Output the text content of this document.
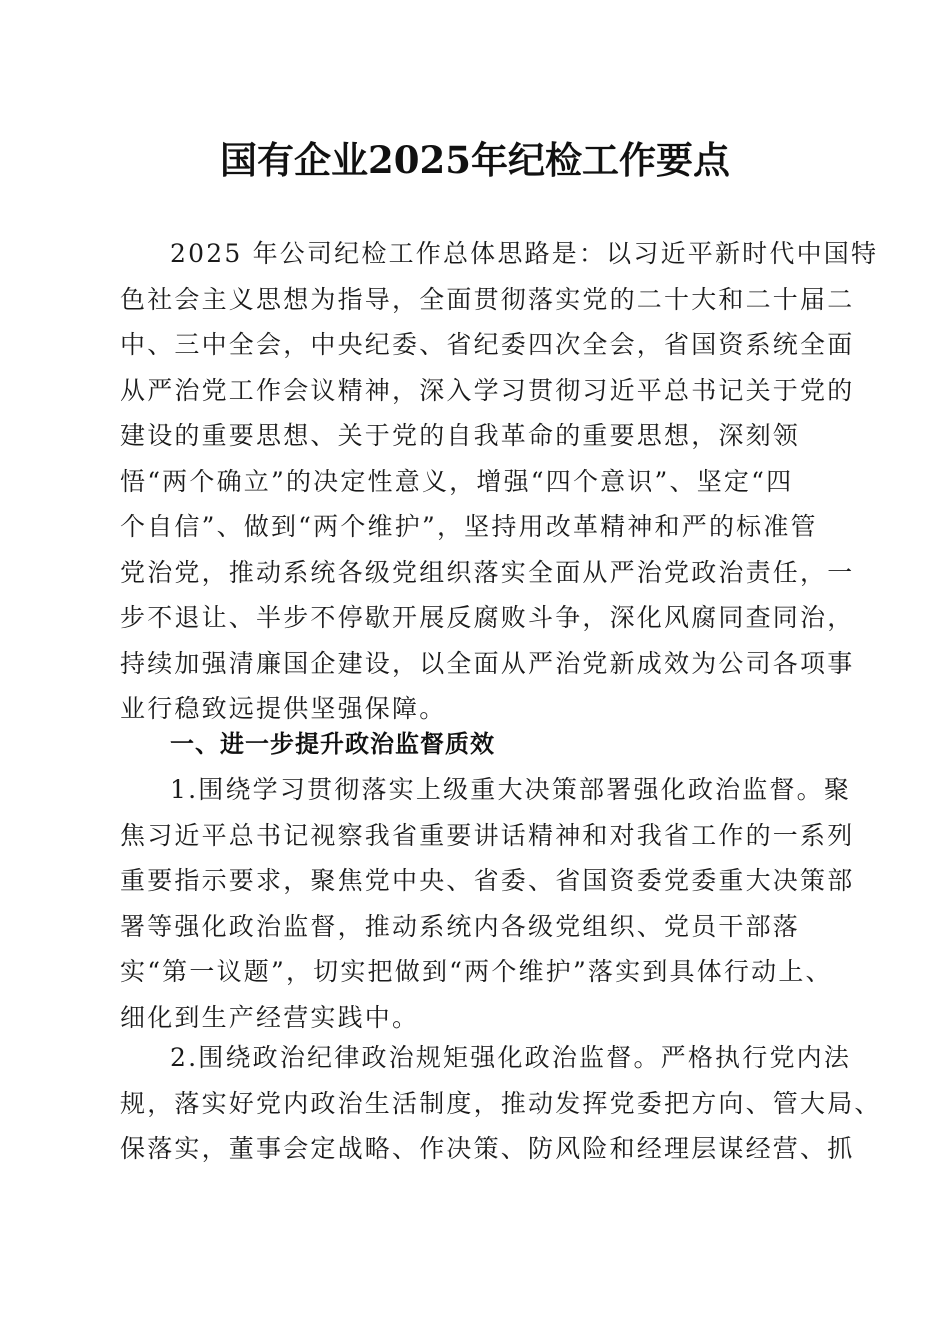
国有企业2025年纪检工作要点
2025 年公司纪检工作总体思路是：以习近平新时代中国特
色社会主义思想为指导，全面贯彻落实党的二十大和二十届二
中、三中全会，中央纪委、省纪委四次全会，省国资系统全面
从严治党工作会议精神，深入学习贯彻习近平总书记关于党的
建设的重要思想、关于党的自我革命的重要思想，深刻领
悟“两个确立”的决定性意义，增强“四个意识”、坚定“四
个自信”、做到“两个维护”，坚持用改革精神和严的标准管
党治党，推动系统各级党组织落实全面从严治党政治责任，一
步不退让、半步不停歇开展反腐败斗争，深化风腐同查同治，
持续加强清廉国企建设，以全面从严治党新成效为公司各项事
业行稳致远提供坚强保障。
一、进一步提升政治监督质效
1.围绕学习贯彻落实上级重大决策部署强化政治监督。聚
焦习近平总书记视察我省重要讲话精神和对我省工作的一系列
重要指示要求，聚焦党中央、省委、省国资委党委重大决策部
署等强化政治监督，推动系统内各级党组织、党员干部落
实“第一议题”，切实把做到“两个维护”落实到具体行动上、
细化到生产经营实践中。
2.围绕政治纪律政治规矩强化政治监督。严格执行党内法
规，落实好党内政治生活制度，推动发挥党委把方向、管大局、
保落实，董事会定战略、作决策、防风险和经理层谋经营、抓
